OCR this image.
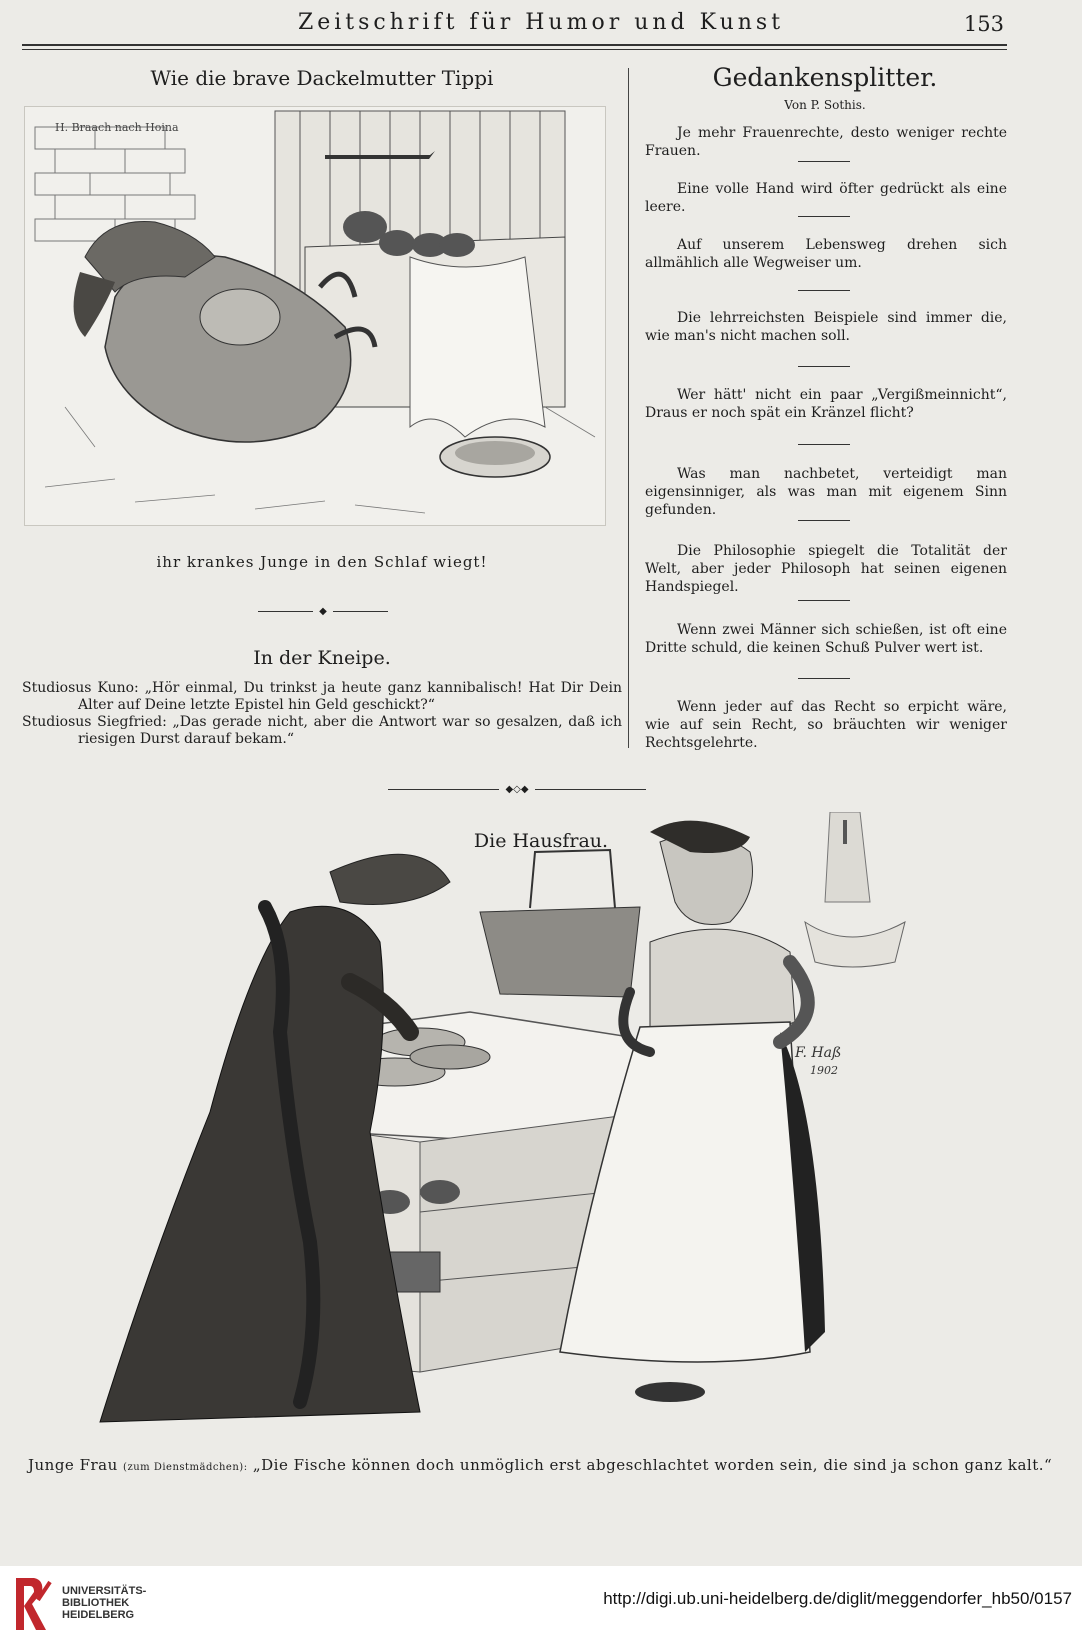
Zeitschrift für Humor und Kunst	153
Wie die brave Dackelmutter Tippi
H. Braach nach Hoina
ihr krankes Junge in den Schlaf wiegt!
◆
In der Kneipe.

Studiosus Kuno: „Hör einmal, Du trinkst ja heute ganz kannibalisch! Hat Dir Dein Alter auf Deine letzte Epistel hin Geld geschickt?“

Studiosus Siegfried: „Das gerade nicht, aber die Antwort war so gesalzen, daß ich riesigen Durst darauf bekam.“

Gedankensplitter.
Von P. Sothis.

Je mehr Frauenrechte, desto weniger rechte Frauen.

Eine volle Hand wird öfter gedrückt als eine leere.

Auf unserem Lebensweg drehen sich allmählich alle Wegweiser um.

Die lehrreichsten Beispiele sind immer die, wie man's nicht machen soll.

Wer hätt' nicht ein paar „Vergißmeinnicht“, Draus er noch spät ein Kränzel flicht?

Was man nachbetet, verteidigt man eigensinniger, als was man mit eigenem Sinn gefunden.

Die Philosophie spiegelt die Totalität der Welt, aber jeder Philosoph hat seinen eigenen Handspiegel.

Wenn zwei Männer sich schießen, ist oft eine Dritte schuld, die keinen Schuß Pulver wert ist.

Wenn jeder auf das Recht so erpicht wäre, wie auf sein Recht, so bräuchten wir weniger Rechtsgelehrte.

◆◇◆
F. Haß
1902
Die Hausfrau.
Junge Frau (zum Dienstmädchen): „Die Fische können doch unmöglich erst abgeschlachtet worden sein, die sind ja schon ganz kalt.“
UNIVERSITÄTS-
BIBLIOTHEK
HEIDELBERG
http://digi.ub.uni-heidelberg.de/diglit/meggendorfer_hb50/0157
